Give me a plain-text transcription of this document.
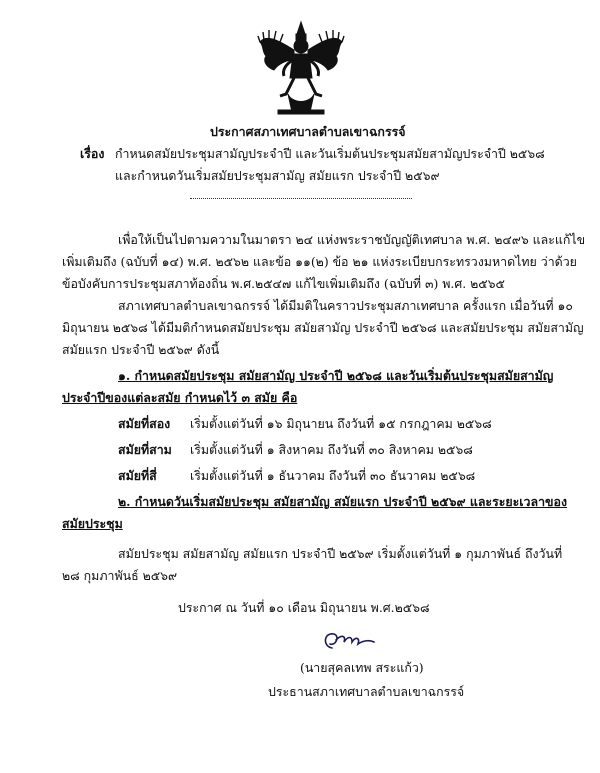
ประกาศสภาเทศบาลตำบลเขาฉกรรจ์
เรื่อง กำหนดสมัยประชุมสามัญประจำปี และวันเริ่มต้นประชุมสมัยสามัญประจำปี ๒๕๖๘
และกำหนดวันเริ่มสมัยประชุมสามัญ สมัยแรก ประจำปี ๒๕๖๙
เพื่อให้เป็นไปตามความในมาตรา ๒๔ แห่งพระราชบัญญัติเทศบาล พ.ศ. ๒๔๙๖ และแก้ไข
เพิ่มเติมถึง (ฉบับที่ ๑๔) พ.ศ. ๒๕๖๒ และข้อ ๑๑(๒) ข้อ ๒๑ แห่งระเบียบกระทรวงมหาดไทย ว่าด้วย
ข้อบังคับการประชุมสภาท้องถิ่น พ.ศ.๒๕๔๗ แก้ไขเพิ่มเติมถึง (ฉบับที่ ๓) พ.ศ. ๒๕๖๕
สภาเทศบาลตำบลเขาฉกรรจ์ ได้มีมติในคราวประชุมสภาเทศบาล ครั้งแรก เมื่อวันที่ ๑๐
มิถุนายน ๒๕๖๘ ได้มีมติกำหนดสมัยประชุม สมัยสามัญ ประจำปี ๒๕๖๘ และสมัยประชุม สมัยสามัญ
สมัยแรก ประจำปี ๒๕๖๙ ดังนี้
๑. กำหนดสมัยประชุม สมัยสามัญ ประจำปี ๒๕๖๘ และวันเริ่มต้นประชุมสมัยสามัญ
ประจำปีของแต่ละสมัย กำหนดไว้ ๓ สมัย คือ
สมัยที่สอง เริ่มตั้งแต่วันที่ ๑๖ มิถุนายน ถึงวันที่ ๑๕ กรกฎาคม ๒๕๖๘
สมัยที่สาม เริ่มตั้งแต่วันที่ ๑ สิงหาคม ถึงวันที่ ๓๐ สิงหาคม ๒๕๖๘
สมัยที่สี่	เริ่มตั้งแต่วันที่ ๑ ธันวาคม ถึงวันที่ ๓๐ ธันวาคม ๒๕๖๘
๒. กำหนดวันเริ่มสมัยประชุม สมัยสามัญ สมัยแรก ประจำปี ๒๕๖๙ และระยะเวลาของ
สมัยประชุม
สมัยประชุม สมัยสามัญ สมัยแรก ประจำปี ๒๕๖๙ เริ่มตั้งแต่วันที่ ๑ กุมภาพันธ์ ถึงวันที่
๒๘ กุมภาพันธ์ ๒๕๖๙
ประกาศ ณ วันที่ ๑๐ เดือน มิถุนายน พ.ศ.๒๕๖๘
(นายสุคลเทพ สระแก้ว)
ประธานสภาเทศบาลตำบลเขาฉกรรจ์
